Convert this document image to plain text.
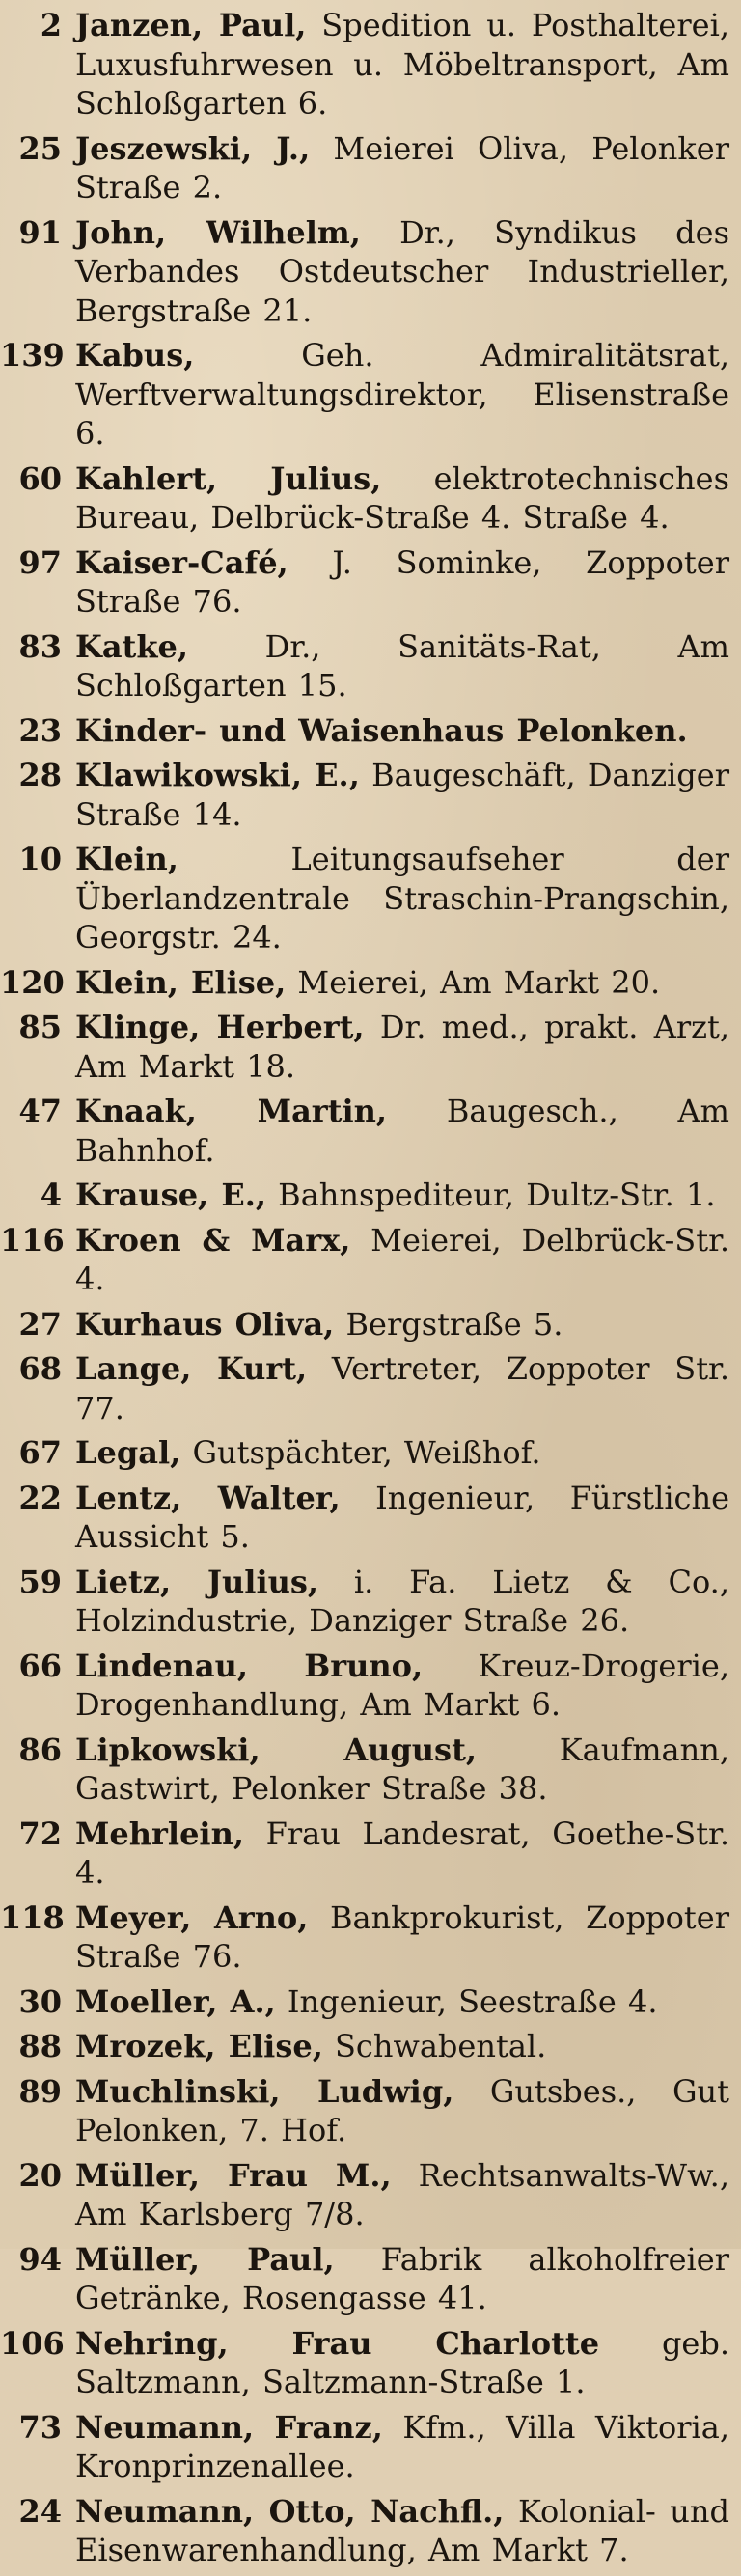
2 Janzen, Paul, Spedition u. Posthalterei, Luxusfuhrwesen u. Möbeltransport, Am Schloßgarten 6.
25 Jeszewski, J., Meierei Oliva, Pelonker Straße 2.
91 John, Wilhelm, Dr., Syndikus des Verbandes Ostdeutscher Industrieller, Bergstraße 21.
139 Kabus,	Geh. Admiralitätsrat, Werftverwaltungsdirektor, Elisenstraße 6.
60 Kahlert, Julius, elektrotechnisches Bureau, Delbrück-Straße 4. Straße 4.
97 Kaiser-Café, J. Sominke, Zoppoter Straße 76.
83 Katke, Dr., Sanitäts-Rat, Am Schloßgarten 15.
23 Kinder- und Waisenhaus Pelonken.
28 Klawikowski, E., Baugeschäft, Danziger Straße 14.
10 Klein,	Leitungsaufseher der Überlandzentrale Straschin-Prangschin, Georgstr. 24.
120 Klein, Elise, Meierei, Am Markt 20.
85 Klinge, Herbert, Dr. med., prakt. Arzt, Am Markt 18.
47 Knaak, Martin, Baugesch., Am Bahnhof.
4 Krause, E., Bahnspediteur, Dultz-Str. 1.
116 Kroen & Marx, Meierei, Delbrück-Str. 4.
27 Kurhaus Oliva, Bergstraße 5.
68 Lange, Kurt, Vertreter, Zoppoter Str. 77.
67 Legal, Gutspächter, Weißhof.
22 Lentz, Walter, Ingenieur, Fürstliche Aussicht 5.
59 Lietz, Julius, i. Fa. Lietz & Co., Holzindustrie, Danziger Straße 26.
66 Lindenau, Bruno, Kreuz-Drogerie, Drogenhandlung, Am Markt 6.
86 Lipkowski, August,	Kaufmann, Gastwirt, Pelonker Straße 38.
72 Mehrlein, Frau Landesrat, Goethe-Str. 4.
118 Meyer, Arno, Bankprokurist, Zoppoter Straße 76.
30 Moeller, A., Ingenieur, Seestraße 4.
88 Mrozek, Elise, Schwabental.
89 Muchlinski, Ludwig, Gutsbes., Gut Pelonken, 7. Hof.
20 Müller, Frau M., Rechtsanwalts-Ww., Am Karlsberg 7/8.
94 Müller, Paul, Fabrik alkoholfreier Getränke, Rosengasse 41.
106 Nehring, Frau Charlotte geb. Saltzmann, Saltzmann-Straße 1.
73 Neumann, Franz, Kfm., Villa Viktoria, Kronprinzenallee.
24 Neumann, Otto, Nachfl., Kolonial- und Eisenwarenhandlung, Am Markt 7.
